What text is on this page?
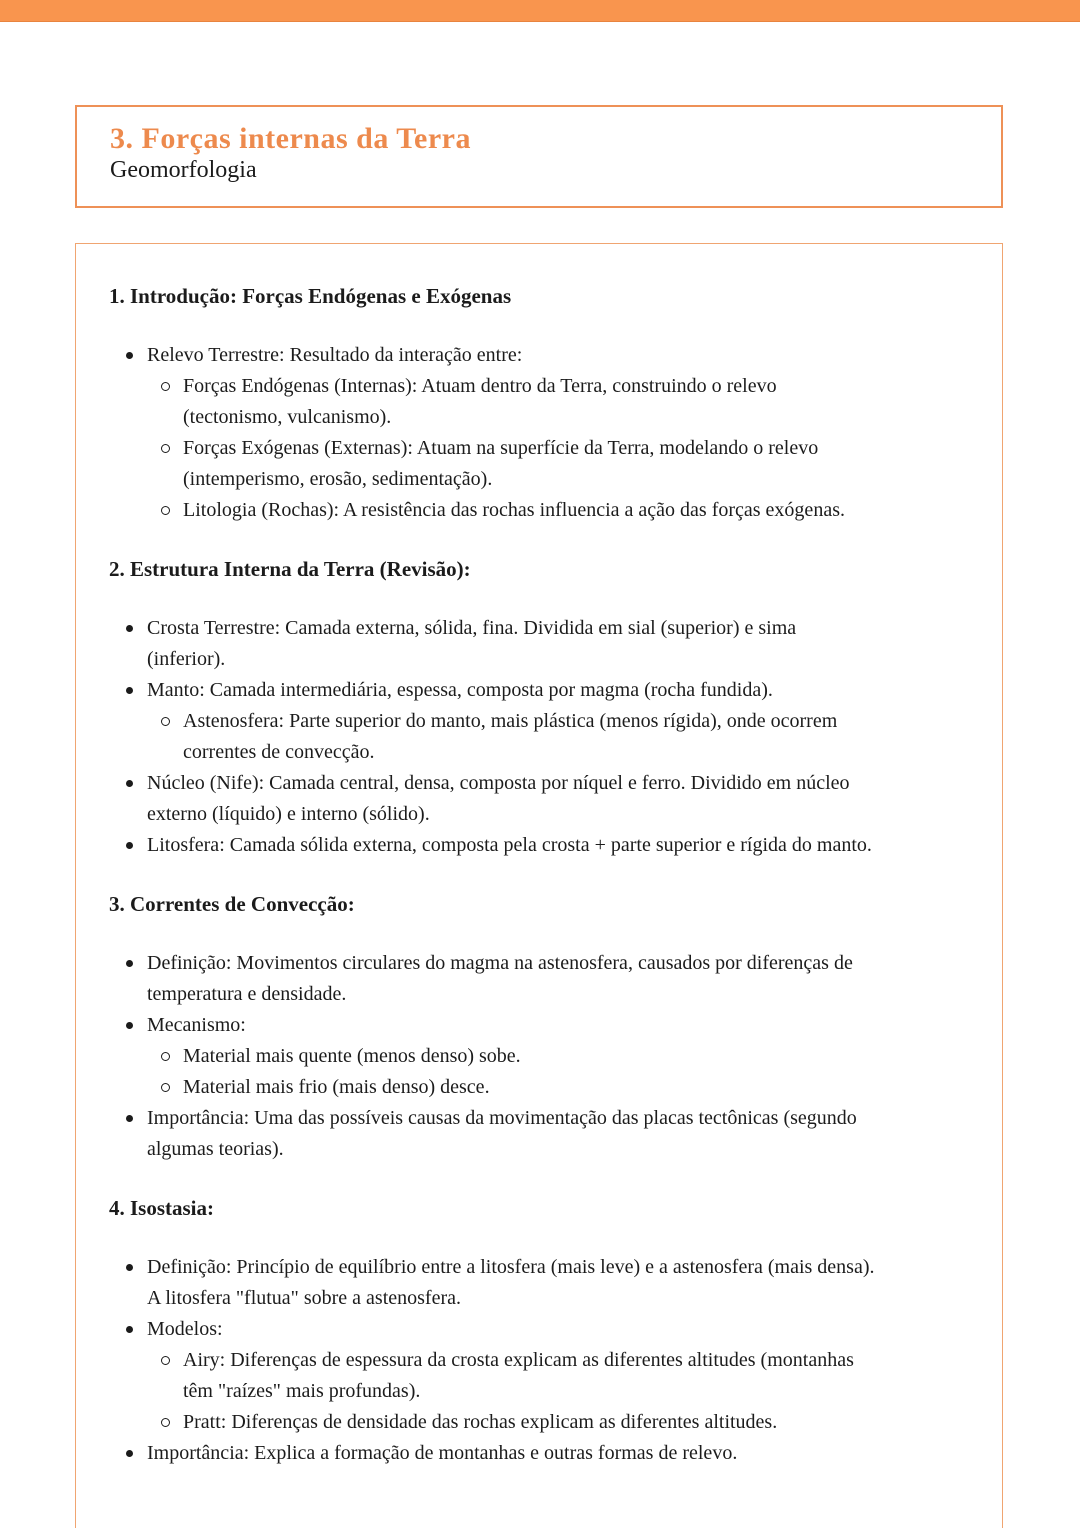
3. Forças internas da Terra
Geomorfologia
1. Introdução: Forças Endógenas e Exógenas
Relevo Terrestre: Resultado da interação entre:
Forças Endógenas (Internas): Atuam dentro da Terra, construindo o relevo
(tectonismo, vulcanismo).
Forças Exógenas (Externas): Atuam na superfície da Terra, modelando o relevo
(intemperismo, erosão, sedimentação).
Litologia (Rochas): A resistência das rochas influencia a ação das forças exógenas.
2. Estrutura Interna da Terra (Revisão):
Crosta Terrestre: Camada externa, sólida, fina. Dividida em sial (superior) e sima
(inferior).
Manto: Camada intermediária, espessa, composta por magma (rocha fundida).
Astenosfera: Parte superior do manto, mais plástica (menos rígida), onde ocorrem
correntes de convecção.
Núcleo (Nife): Camada central, densa, composta por níquel e ferro. Dividido em núcleo
externo (líquido) e interno (sólido).
Litosfera: Camada sólida externa, composta pela crosta + parte superior e rígida do manto.
3. Correntes de Convecção:
Definição: Movimentos circulares do magma na astenosfera, causados por diferenças de
temperatura e densidade.
Mecanismo:
Material mais quente (menos denso) sobe.
Material mais frio (mais denso) desce.
Importância: Uma das possíveis causas da movimentação das placas tectônicas (segundo
algumas teorias).
4. Isostasia:
Definição: Princípio de equilíbrio entre a litosfera (mais leve) e a astenosfera (mais densa).
A litosfera "flutua" sobre a astenosfera.
Modelos:
Airy: Diferenças de espessura da crosta explicam as diferentes altitudes (montanhas
têm "raízes" mais profundas).
Pratt: Diferenças de densidade das rochas explicam as diferentes altitudes.
Importância: Explica a formação de montanhas e outras formas de relevo.
